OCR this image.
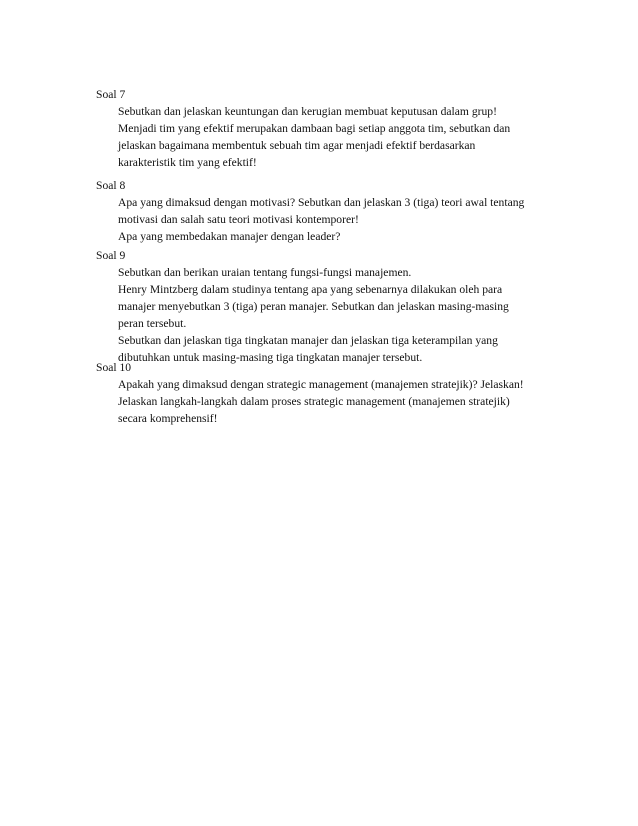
Soal 7
Sebutkan dan jelaskan keuntungan dan kerugian membuat keputusan dalam grup!
Menjadi tim yang efektif merupakan dambaan bagi setiap anggota tim, sebutkan dan
jelaskan bagaimana membentuk sebuah tim agar menjadi efektif berdasarkan
karakteristik tim yang efektif!
Soal 8
Apa yang dimaksud dengan motivasi? Sebutkan dan jelaskan 3 (tiga) teori awal tentang
motivasi dan salah satu teori motivasi kontemporer!
Apa yang membedakan manajer dengan leader?
Soal 9
Sebutkan dan berikan uraian tentang fungsi-fungsi manajemen.
Henry Mintzberg dalam studinya tentang apa yang sebenarnya dilakukan oleh para
manajer menyebutkan 3 (tiga) peran manajer. Sebutkan dan jelaskan masing-masing
peran tersebut.
Sebutkan dan jelaskan tiga tingkatan manajer dan jelaskan tiga keterampilan yang
dibutuhkan untuk masing-masing tiga tingkatan manajer tersebut.
Soal 10
Apakah yang dimaksud dengan strategic management (manajemen stratejik)? Jelaskan!
Jelaskan langkah-langkah dalam proses strategic management (manajemen stratejik)
secara komprehensif!
